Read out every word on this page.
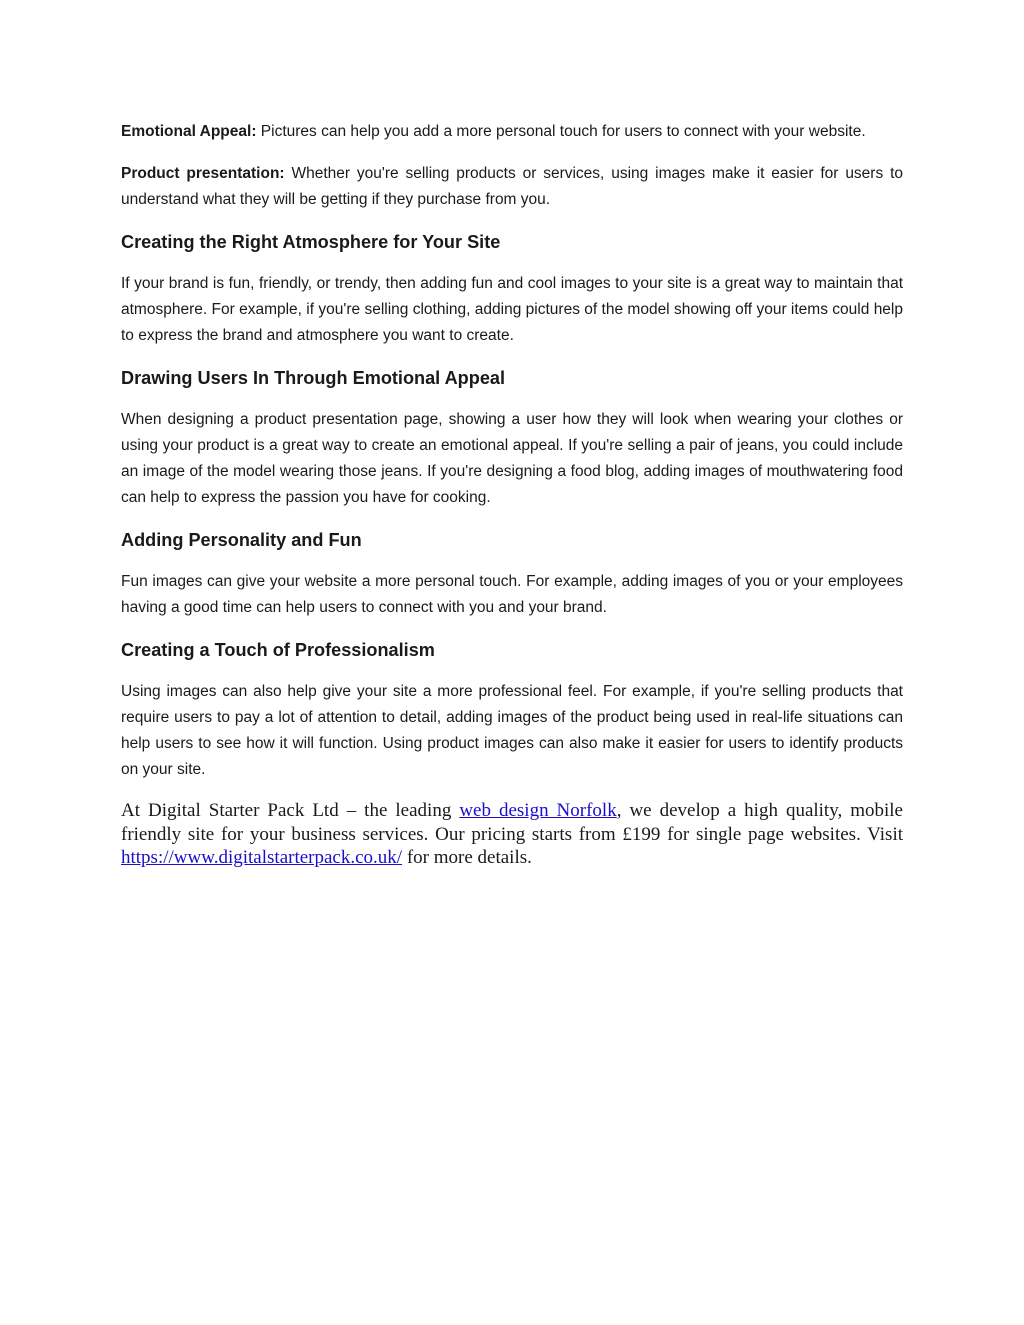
Emotional Appeal: Pictures can help you add a more personal touch for users to connect with your website.

Product presentation: Whether you're selling products or services, using images make it easier for users to understand what they will be getting if they purchase from you.

Creating the Right Atmosphere for Your Site

If your brand is fun, friendly, or trendy, then adding fun and cool images to your site is a great way to maintain that atmosphere. For example, if you're selling clothing, adding pictures of the model showing off your items could help to express the brand and atmosphere you want to create.

Drawing Users In Through Emotional Appeal

When designing a product presentation page, showing a user how they will look when wearing your clothes or using your product is a great way to create an emotional appeal. If you're selling a pair of jeans, you could include an image of the model wearing those jeans. If you're designing a food blog, adding images of mouthwatering food can help to express the passion you have for cooking.

Adding Personality and Fun

Fun images can give your website a more personal touch. For example, adding images of you or your employees having a good time can help users to connect with you and your brand.

Creating a Touch of Professionalism

Using images can also help give your site a more professional feel. For example, if you're selling products that require users to pay a lot of attention to detail, adding images of the product being used in real-life situations can help users to see how it will function. Using product images can also make it easier for users to identify products on your site.

At Digital Starter Pack Ltd – the leading web design Norfolk, we develop a high quality, mobile friendly site for your business services. Our pricing starts from £199 for single page websites. Visit https://www.digitalstarterpack.co.uk/ for more details.
